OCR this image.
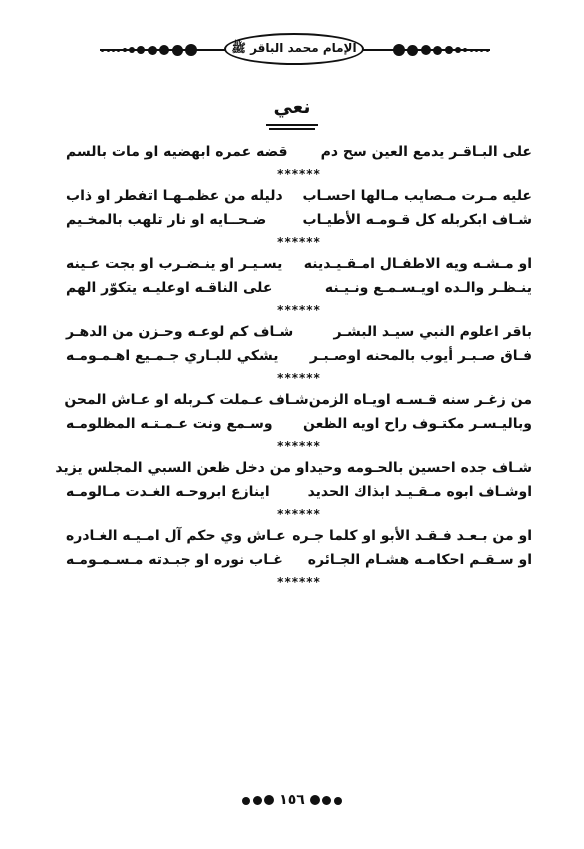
الإمام محمد الباقر ﷺ
نعي
على البـاقـر يدمع العين سح دم
قضه عمره ابهضيه او مات بالسم
******
عليه مـرت مـصايب مـالها احسـاب
دليله من عظمـهـا اتفطر او ذاب
شـاف ابكربله كل قـومـه الأطيـاب
ضـحــايه او نار تلهب بالمخـيم
******
او مـشـه ويه الاطفـال امـقـيـدينه
يسـيـر او ينـضـرب او بجت عـينه
ينـظـر والـده اويـسـمـع ونـيـنه
على الناقـه اوعليـه يتكوّر الهم
******
باقر اعلوم النبي سيـد البشـر
شـاف كم لوعـه وحـزن من الدهـر
فـاق صـبـر أيوب بالمحنه اوصـبـر
يشكي للبـاري جـمـيع اهـمـومـه
******
من زغـر سنه قـسـه اويـاه الزمن
شـاف عـملت كـربله او عـاش المحن
وباليـسـر مكتـوف راح اويه الظعن
وسـمع ونت عـمـتـه المظلومـه
******
شـاف جده احسين بالحـومه وحيد
او من دخل ظعن السبي المجلس يزيد
اوشـاف ابوه مـقـيـد ابذاك الحديد
اينازع ابروحـه الغـدت مـالومـه
******
او من بـعـد فـقـد الأبو او كلما جـره
عـاش وي حكم آل امـيـه الغـادره
او سـقـم احكامـه هشـام الجـائره
غـاب نوره او جبـدته مـسـمـومـه
******
١٥٦
